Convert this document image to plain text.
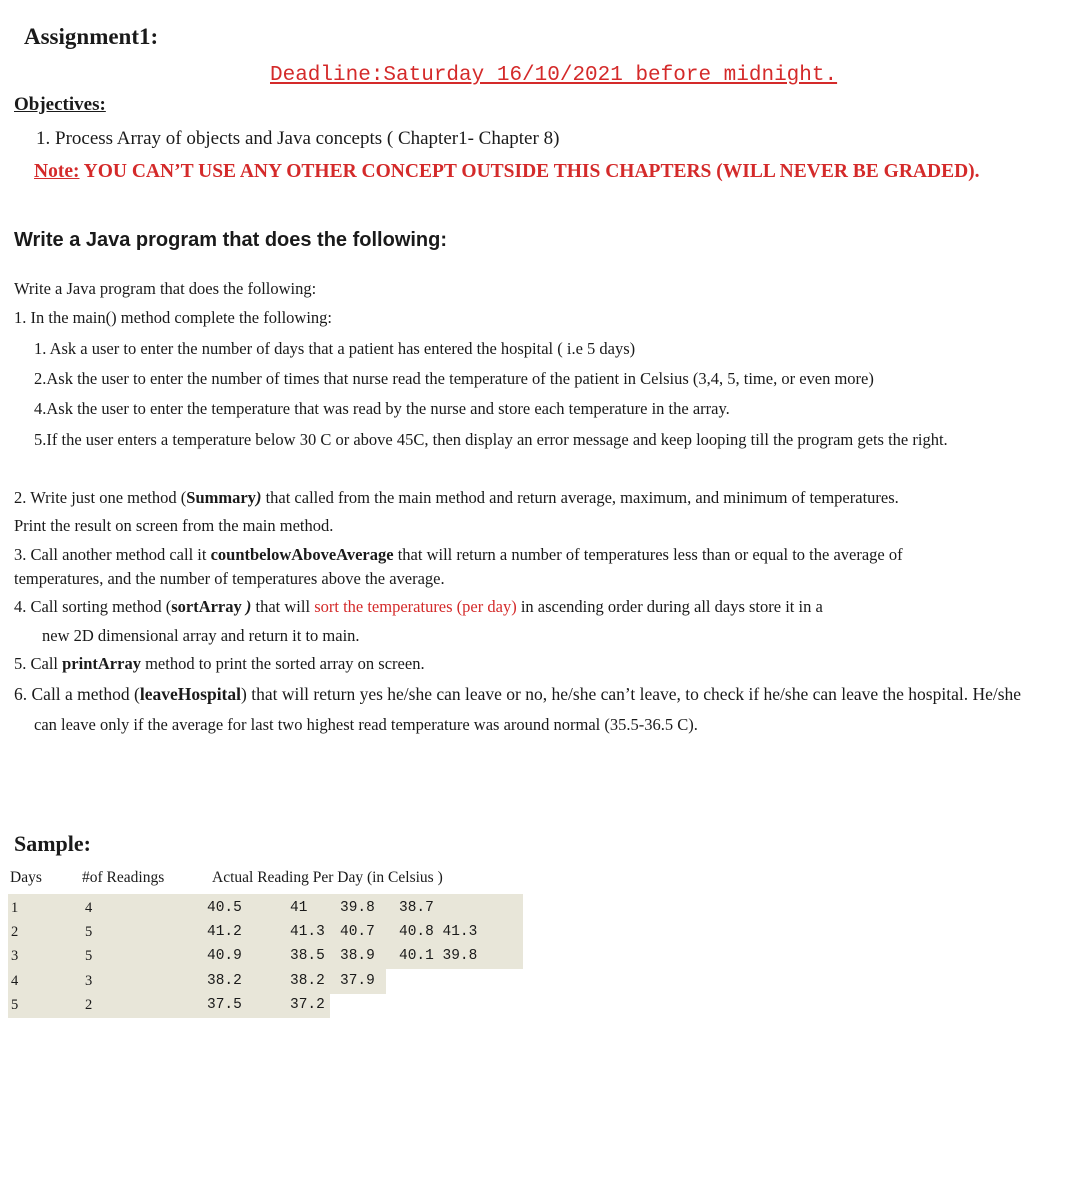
Assignment1:
Deadline:Saturday 16/10/2021 before midnight.
Objectives:
1. Process Array of objects and Java concepts ( Chapter1- Chapter 8)
Note: YOU CAN’T USE ANY OTHER CONCEPT OUTSIDE THIS CHAPTERS (WILL NEVER BE GRADED).
Write a Java program that does the following:
Write a Java program that does the following:
1. In the main() method complete the following:
1. Ask a user to enter the number of days that a patient has entered the hospital ( i.e 5 days)
2.Ask the user to enter the number of times that nurse read the temperature of the patient in Celsius (3,4, 5, time, or even more)
4.Ask the user to enter the temperature that was read by the nurse and store each temperature in the array.
5.If the user enters a temperature below 30 C or above 45C, then display an error message and keep looping till the program gets the right.
2. Write just one method (Summary) that called from the main method and return average, maximum, and minimum of temperatures.
Print the result on screen from the main method.
3. Call another method call it countbelowAboveAverage that will return a number of temperatures less than or equal to the average of
temperatures, and the number of temperatures above the average.
4. Call sorting method (sortArray ) that will sort the temperatures (per day) in ascending order during all days store it in a
new 2D dimensional array and return it to main.
5. Call printArray method to print the sorted array on screen.
6. Call a method (leaveHospital) that will return yes he/she can leave or no, he/she can’t leave, to check if he/she can leave the hospital. He/she
can leave only if the average for last two highest read temperature was around normal (35.5-36.5 C).
Sample:
Days	#of Readings	Actual Reading Per Day (in Celsius )
1	4	40.5	41 39.8 38.7
2	5	41.2	41.3 40.7 40.8 41.3
3	5	40.9	38.5 38.9 40.1 39.8
4	3	38.2	38.2 37.9
5	2	37.5	37.2
